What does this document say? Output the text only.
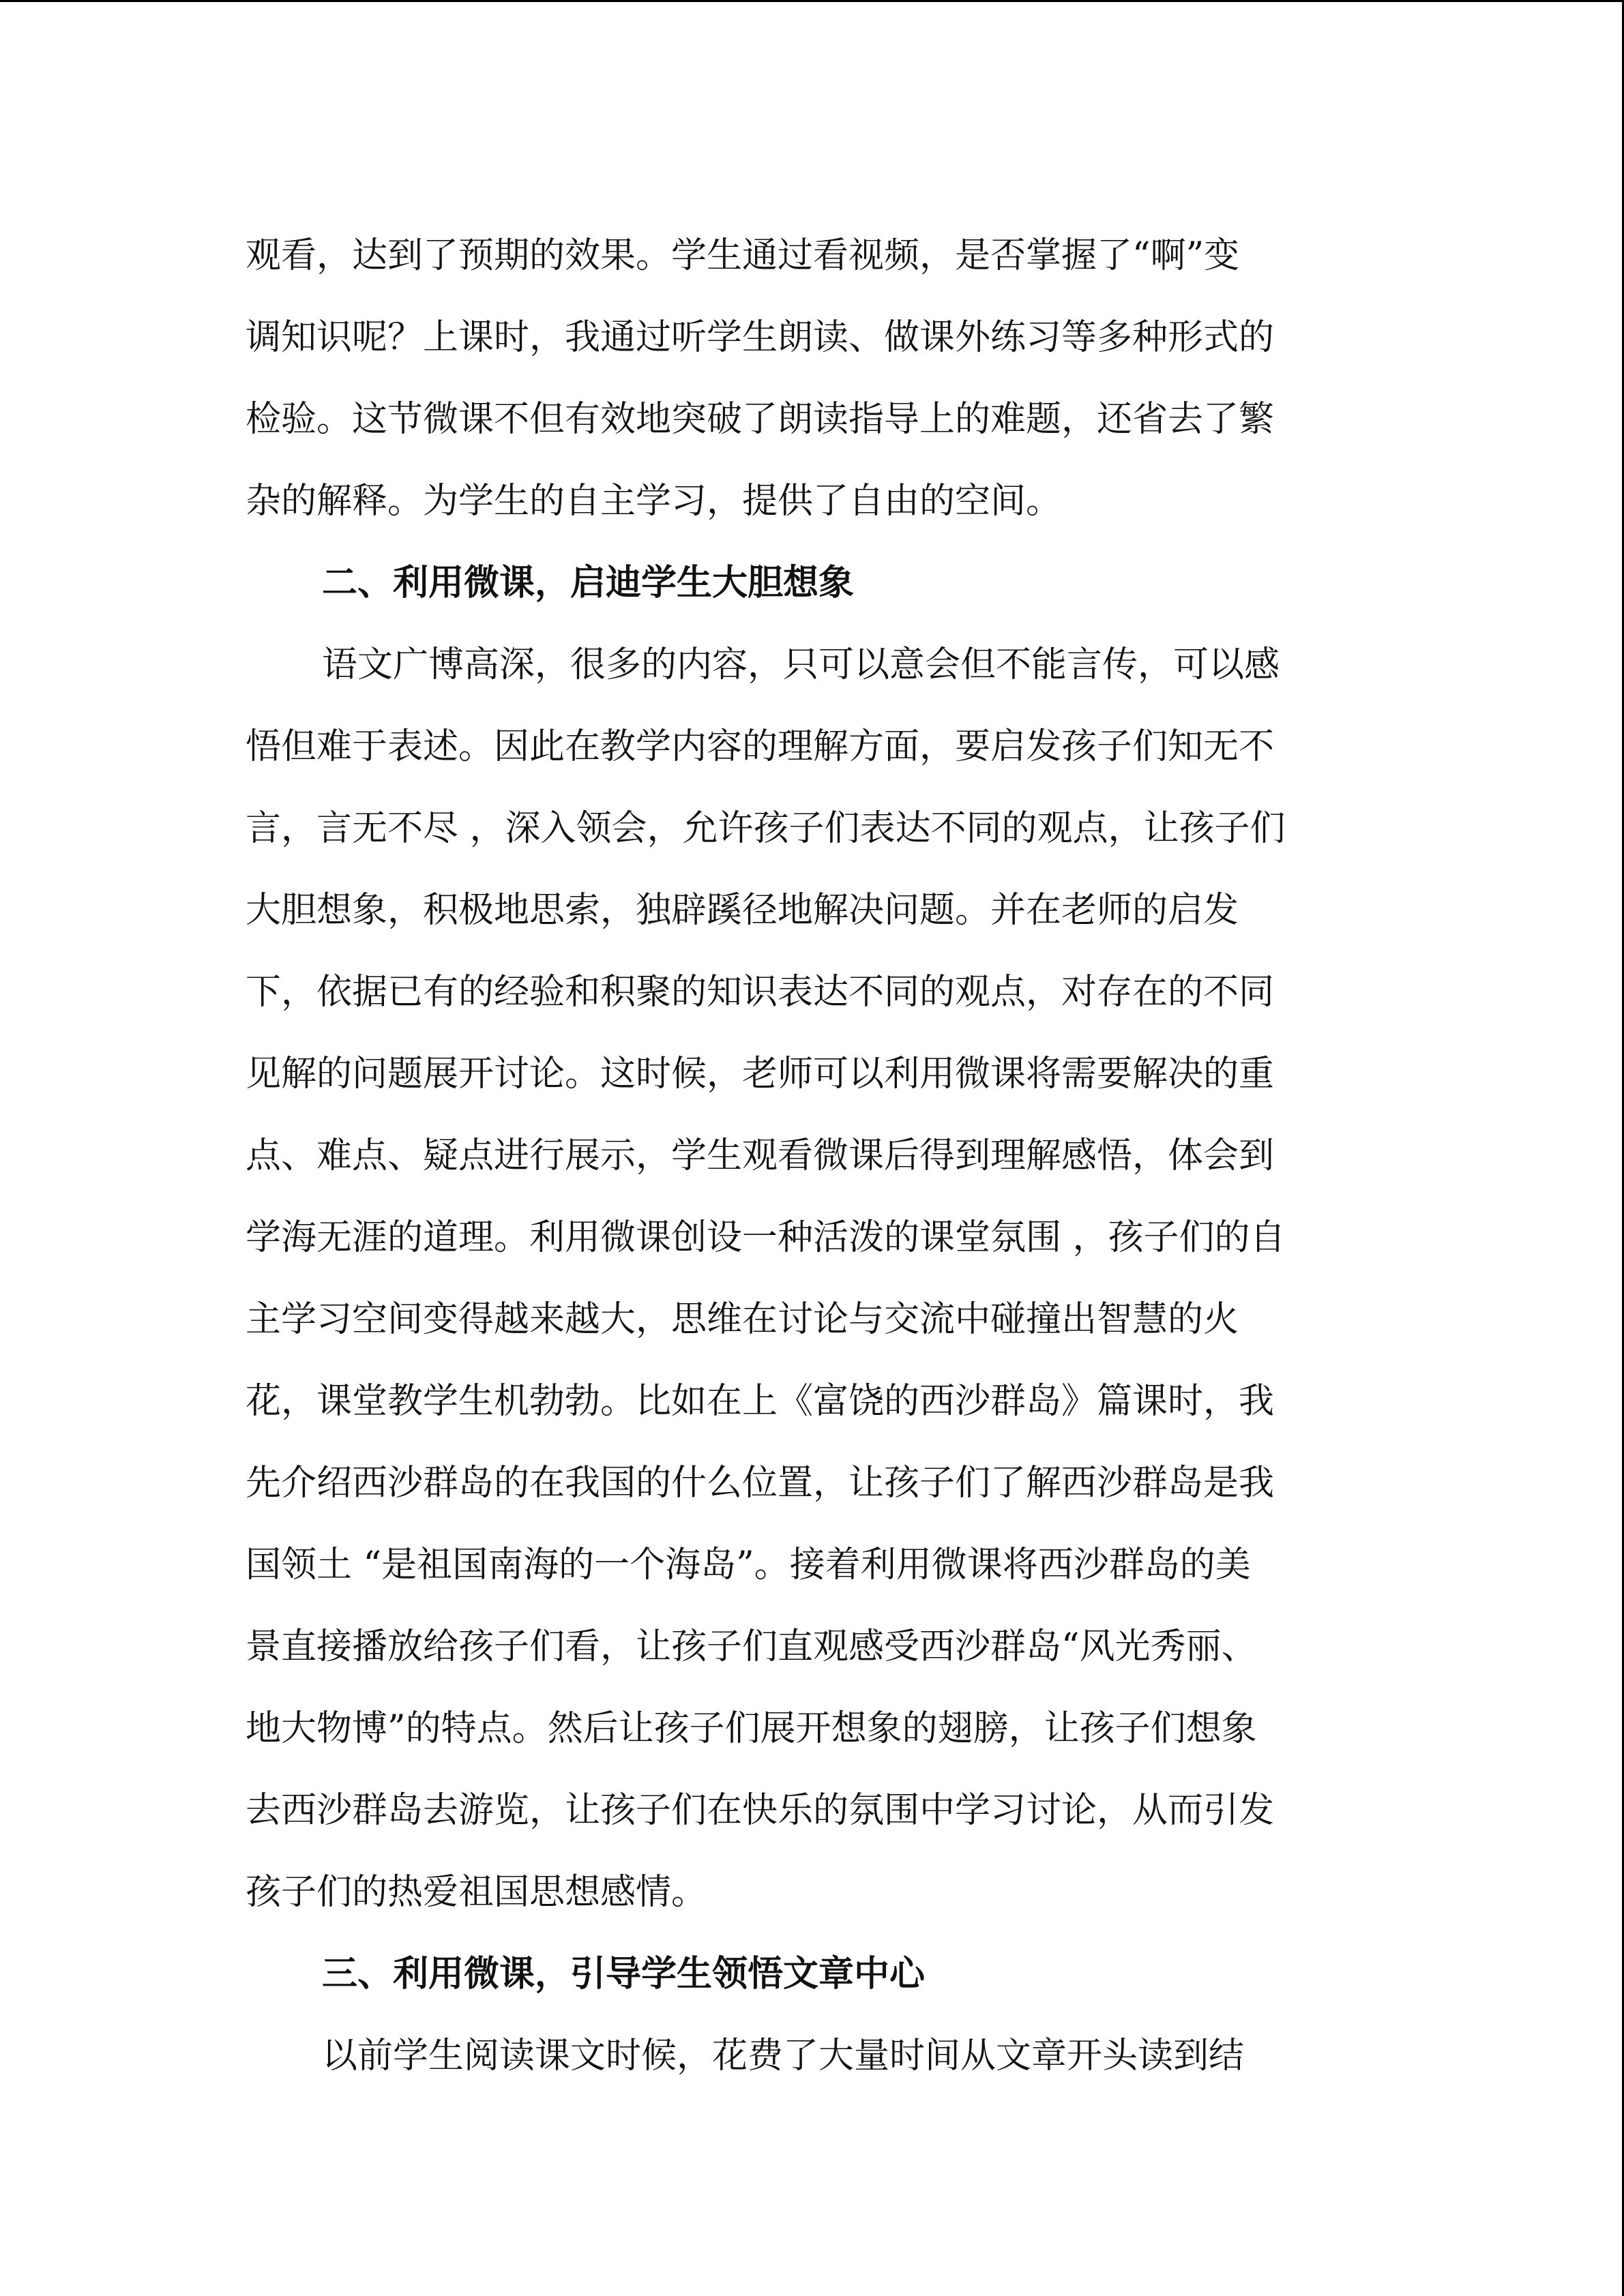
观看，达到了预期的效果。学生通过看视频，是否掌握了“啊”变
调知识呢？上课时，我通过听学生朗读、做课外练习等多种形式的
检验。这节微课不但有效地突破了朗读指导上的难题，还省去了繁
杂的解释。为学生的自主学习，提供了自由的空间。
二、利用微课，启迪学生大胆想象
语文广博高深，很多的内容，只可以意会但不能言传，可以感
悟但难于表述。因此在教学内容的理解方面，要启发孩子们知无不
言，言无不尽 ，深入领会，允许孩子们表达不同的观点，让孩子们
大胆想象，积极地思索，独辟蹊径地解决问题。并在老师的启发
下，依据已有的经验和积聚的知识表达不同的观点，对存在的不同
见解的问题展开讨论。这时候，老师可以利用微课将需要解决的重
点、难点、疑点进行展示，学生观看微课后得到理解感悟，体会到
学海无涯的道理。利用微课创设一种活泼的课堂氛围 ，孩子们的自
主学习空间变得越来越大，思维在讨论与交流中碰撞出智慧的火
花，课堂教学生机勃勃。比如在上《富饶的西沙群岛》篇课时，我
先介绍西沙群岛的在我国的什么位置，让孩子们了解西沙群岛是我
国领土 “是祖国南海的一个海岛”。接着利用微课将西沙群岛的美
景直接播放给孩子们看，让孩子们直观感受西沙群岛“风光秀丽、
地大物博”的特点。然后让孩子们展开想象的翅膀，让孩子们想象
去西沙群岛去游览，让孩子们在快乐的氛围中学习讨论，从而引发
孩子们的热爱祖国思想感情。
三、利用微课，引导学生领悟文章中心
以前学生阅读课文时候，花费了大量时间从文章开头读到结
